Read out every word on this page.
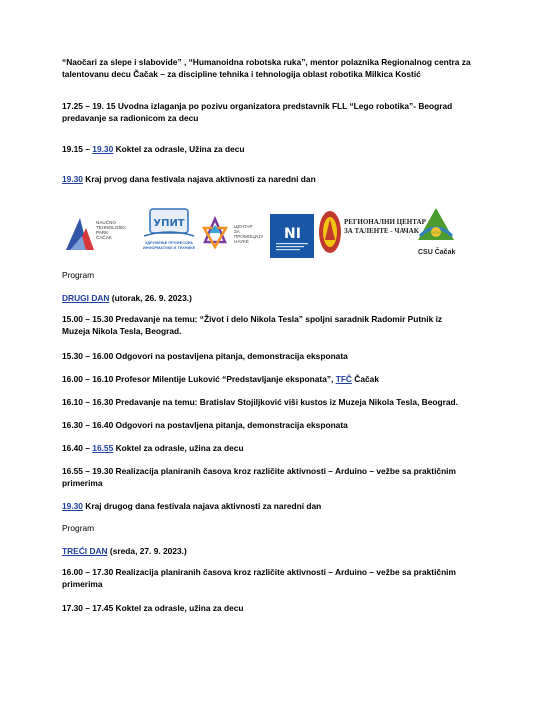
“Naočari za slepe i slabovide” , “Humanoidna robotska ruka”, mentor polaznika Regionalnog centra za
talentovanu decu Čačak – za discipline tehnika i tehnologija oblast robotika Milkica Kostić
17.25 – 19. 15 Uvodna izlaganja po pozivu organizatora predstavnik FLL “Lego robotika”- Beograd
predavanje sa radionicom za decu
19.15 – 19.30 Koktel za odrasle, Užina za decu
19.30 Kraj prvog dana festivala najava aktivnosti za naredni dan
NAUČNO
TEHNOLOŠKI
PARK
ČAČAK
УПИТ
УДРУЖЕЊЕ ПРОФЕСОРА
ИНФОРМАТИКЕ И ТЕХНИКЕ
ЦЕНТАР
ЗА
ПРОМОЦИЈУ
НАУКЕ	NI
РЕГИОНАЛНИ ЦЕНТАР
ЗА ТАЛЕНТЕ - ЧАЧАК	ŠČV
CSU Čačak
Program
DRUGI DAN (utorak, 26. 9. 2023.)
15.00 – 15.30 Predavanje na temu: “Život i delo Nikola Tesla” spoljni saradnik Radomir Putnik iz
Muzeja Nikola Tesla, Beograd.
15.30 – 16.00 Odgovori na postavljena pitanja, demonstracija eksponata
16.00 – 16.10 Profesor Milentije Luković “Predstavljanje eksponata”, TFČ Čačak
16.10 – 16.30 Predavanje na temu: Bratislav Stojiljković viši kustos iz Muzeja Nikola Tesla, Beograd.
16.30 – 16.40 Odgovori na postavljena pitanja, demonstracija eksponata
16.40 – 16.55 Koktel za odrasle, užina za decu
16.55 – 19.30 Realizacija planiranih časova kroz različite aktivnosti – Arduino – vežbe sa praktičnim
primerima
19.30 Kraj drugog dana festivala najava aktivnosti za naredni dan
Program
TREĆI DAN (sreda, 27. 9. 2023.)
16.00 – 17.30 Realizacija planiranih časova kroz različite aktivnosti – Arduino – vežbe sa praktičnim
primerima
17.30 – 17.45 Koktel za odrasle, užina za decu
